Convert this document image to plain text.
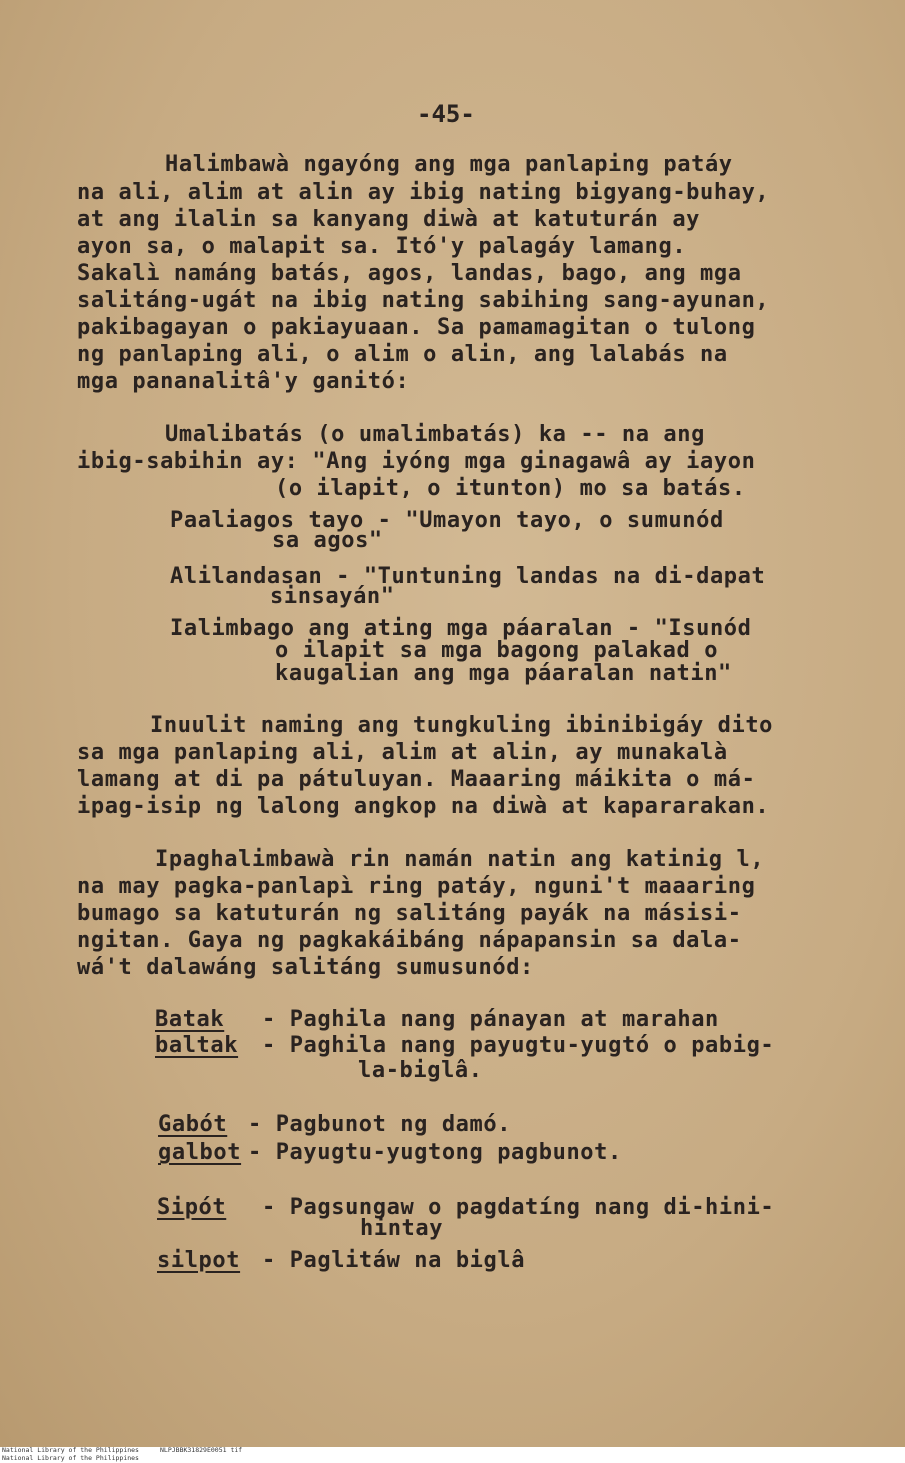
-45-
Halimbawà ngayóng ang mga panlaping patáy
na ali, alim at alin ay ibig nating bigyang-buhay,
at ang ilalin sa kanyang diwà at katuturán ay
ayon sa, o malapit sa. Itó'y palagáy lamang.
Sakalì namáng batás, agos, landas, bago, ang mga
salitáng-ugát na ibig nating sabihing sang-ayunan,
pakibagayan o pakiayuaan. Sa pamamagitan o tulong
ng panlaping ali, o alim o alin, ang lalabás na
mga pananalitâ'y ganitó:
Umalibatás (o umalimbatás) ka -- na ang
ibig-sabihin ay: "Ang iyóng mga ginagawâ ay iayon
(o ilapit, o itunton) mo sa batás.
Paaliagos tayo - "Umayon tayo, o sumunód
sa agos"
Alilandasan - "Tuntuning landas na di-dapat
sinsayán"
Ialimbago ang ating mga páaralan - "Isunód
o ilapit sa mga bagong palakad o
kaugalian ang mga páaralan natin"
Inuulit naming ang tungkuling ibinibigáy dito
sa mga panlaping ali, alim at alin, ay munakalà
lamang at di pa pátuluyan. Maaaring máikita o má-
ipag-isip ng lalong angkop na diwà at kapararakan.
Ipaghalimbawà rin namán natin ang katinig l,
na may pagka-panlapì ring patáy, nguni't maaaring
bumago sa katuturán ng salitáng payák na másisi-
ngitan. Gaya ng pagkakáibáng nápapansin sa dala-
wá't dalawáng salitáng sumusunód:
Batak - Paghila nang pánayan at marahan
baltak - Paghila nang payugtu-yugtó o pabig-
la-biglâ.
Gabót - Pagbunot ng damó.
galbot - Payugtu-yugtong pagbunot.
Sipót - Pagsungaw o pagdatíng nang di-hini-
hintay
silpot - Paglitáw na biglâ
National Library of the Philippines
National Library of the Philippines
NLPJBBK31829E0051 tif
